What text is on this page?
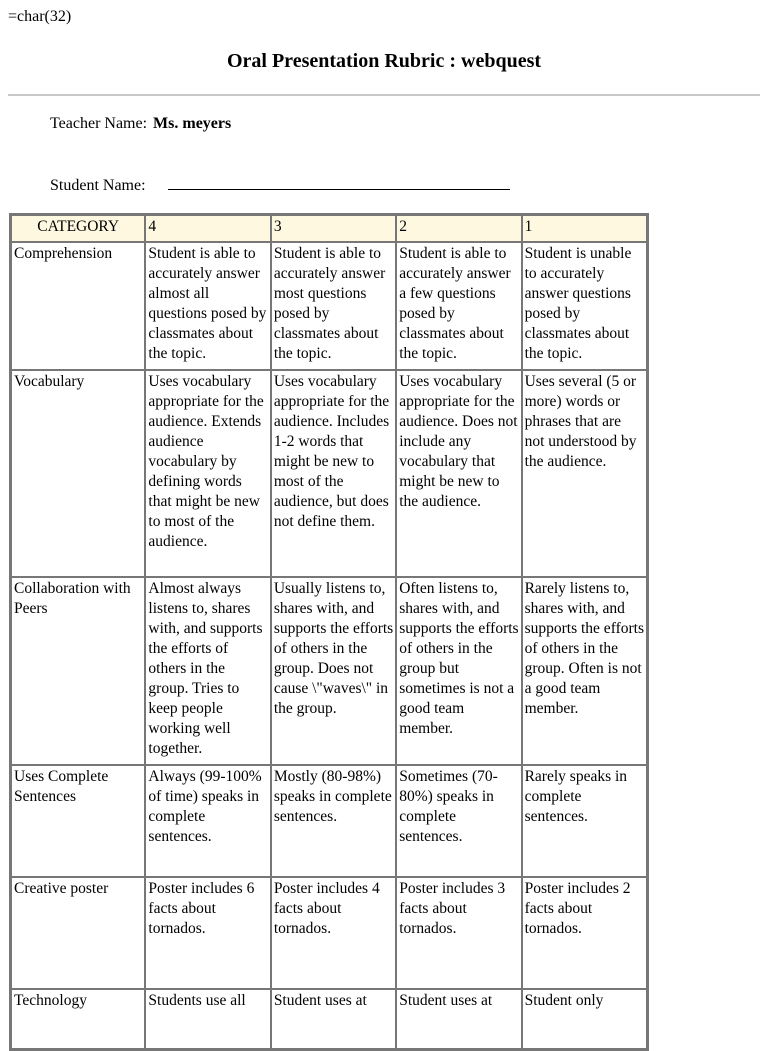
=char(32)
Oral Presentation Rubric : webquest
Teacher Name: Ms. meyers
Student Name:
CATEGORY	4	3	2	1
Comprehension	Student is able to accurately answer almost all questions posed by classmates about the topic.	Student is able to accurately answer most questions posed by classmates about the topic.	Student is able to accurately answer a few questions posed by classmates about the topic.	Student is unable to accurately answer questions posed by classmates about the topic.
Vocabulary	Uses vocabulary appropriate for the audience. Extends audience vocabulary by defining words that might be new to most of the audience.	Uses vocabulary appropriate for the audience. Includes 1-2 words that might be new to most of the audience, but does not define them.	Uses vocabulary appropriate for the audience. Does not include any vocabulary that might be new to the audience.	Uses several (5 or more) words or phrases that are not understood by the audience.
Collaboration with Peers	Almost always listens to, shares with, and supports the efforts of others in the group. Tries to keep people working well together.	Usually listens to, shares with, and supports the efforts of others in the group. Does not cause \"waves\" in the group.	Often listens to, shares with, and supports the efforts of others in the group but sometimes is not a good team member.	Rarely listens to, shares with, and supports the efforts of others in the group. Often is not a good team member.
Uses Complete Sentences	Always (99-100% of time) speaks in complete sentences.	Mostly (80-98%) speaks in complete sentences.	Sometimes (70-80%) speaks in complete sentences.	Rarely speaks in complete sentences.
Creative poster	Poster includes 6 facts about tornados.	Poster includes 4 facts about tornados.	Poster includes 3 facts about tornados.	Poster includes 2 facts about tornados.
Technology	Students use all	Student uses at	Student uses at	Student only
